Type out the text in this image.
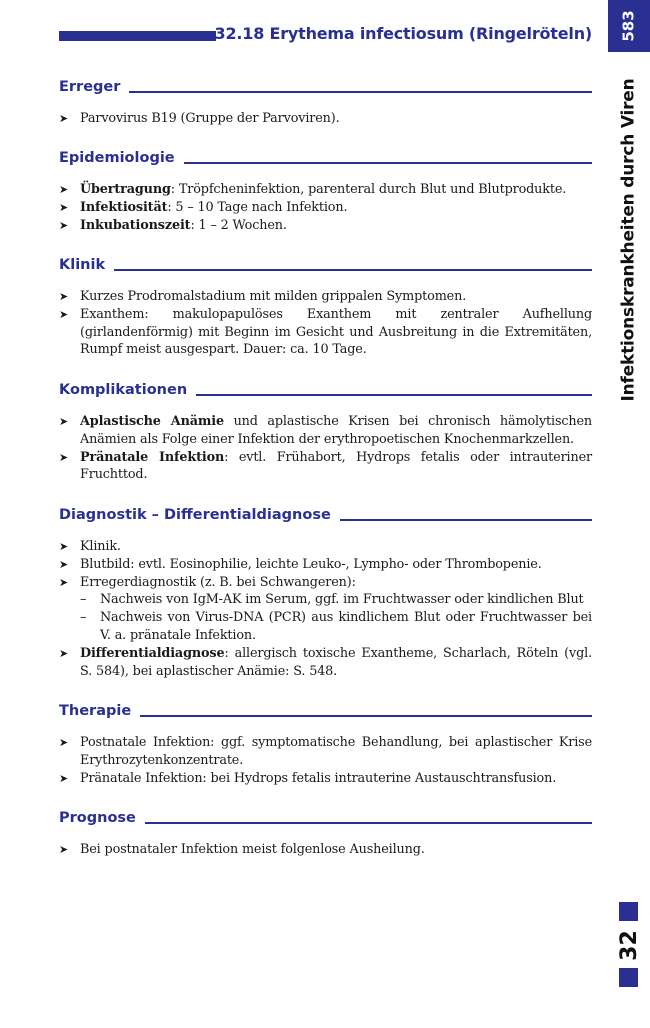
32.18 Erythema infectiosum (Ringelröteln) 583
Infektionskrankheiten durch Viren
32
Erreger
➤ Parvovirus B19 (Gruppe der Parvoviren).
Epidemiologie
➤ Übertragung: Tröpfcheninfektion, parenteral durch Blut und Blutprodukte.
➤ Infektiosität: 5 – 10 Tage nach Infektion.
➤ Inkubationszeit: 1 – 2 Wochen.
Klinik
➤ Kurzes Prodromalstadium mit milden grippalen Symptomen.
➤ Exanthem: makulopapulöses Exanthem mit zentraler Aufhellung (girlandenförmig) mit Beginn im Gesicht und Ausbreitung in die Extremitäten, Rumpf meist ausgespart. Dauer: ca. 10 Tage.
Komplikationen
➤ Aplastische Anämie und aplastische Krisen bei chronisch hämolytischen Anämien als Folge einer Infektion der erythropoetischen Knochenmarkzellen.
➤ Pränatale Infektion: evtl. Frühabort, Hydrops fetalis oder intrauteriner Fruchttod.
Diagnostik – Differentialdiagnose
➤ Klinik.
➤ Blutbild: evtl. Eosinophilie, leichte Leuko-, Lympho- oder Thrombopenie.
➤ Erregerdiagnostik (z. B. bei Schwangeren):
– Nachweis von IgM-AK im Serum, ggf. im Fruchtwasser oder kindlichen Blut
– Nachweis von Virus-DNA (PCR) aus kindlichem Blut oder Fruchtwasser bei V. a. pränatale Infektion.
➤ Differentialdiagnose: allergisch toxische Exantheme, Scharlach, Röteln (vgl. S. 584), bei aplastischer Anämie: S. 548.
Therapie
➤ Postnatale Infektion: ggf. symptomatische Behandlung, bei aplastischer Krise Erythrozytenkonzentrate.
➤ Pränatale Infektion: bei Hydrops fetalis intrauterine Austauschtransfusion.
Prognose
➤ Bei postnataler Infektion meist folgenlose Ausheilung.
